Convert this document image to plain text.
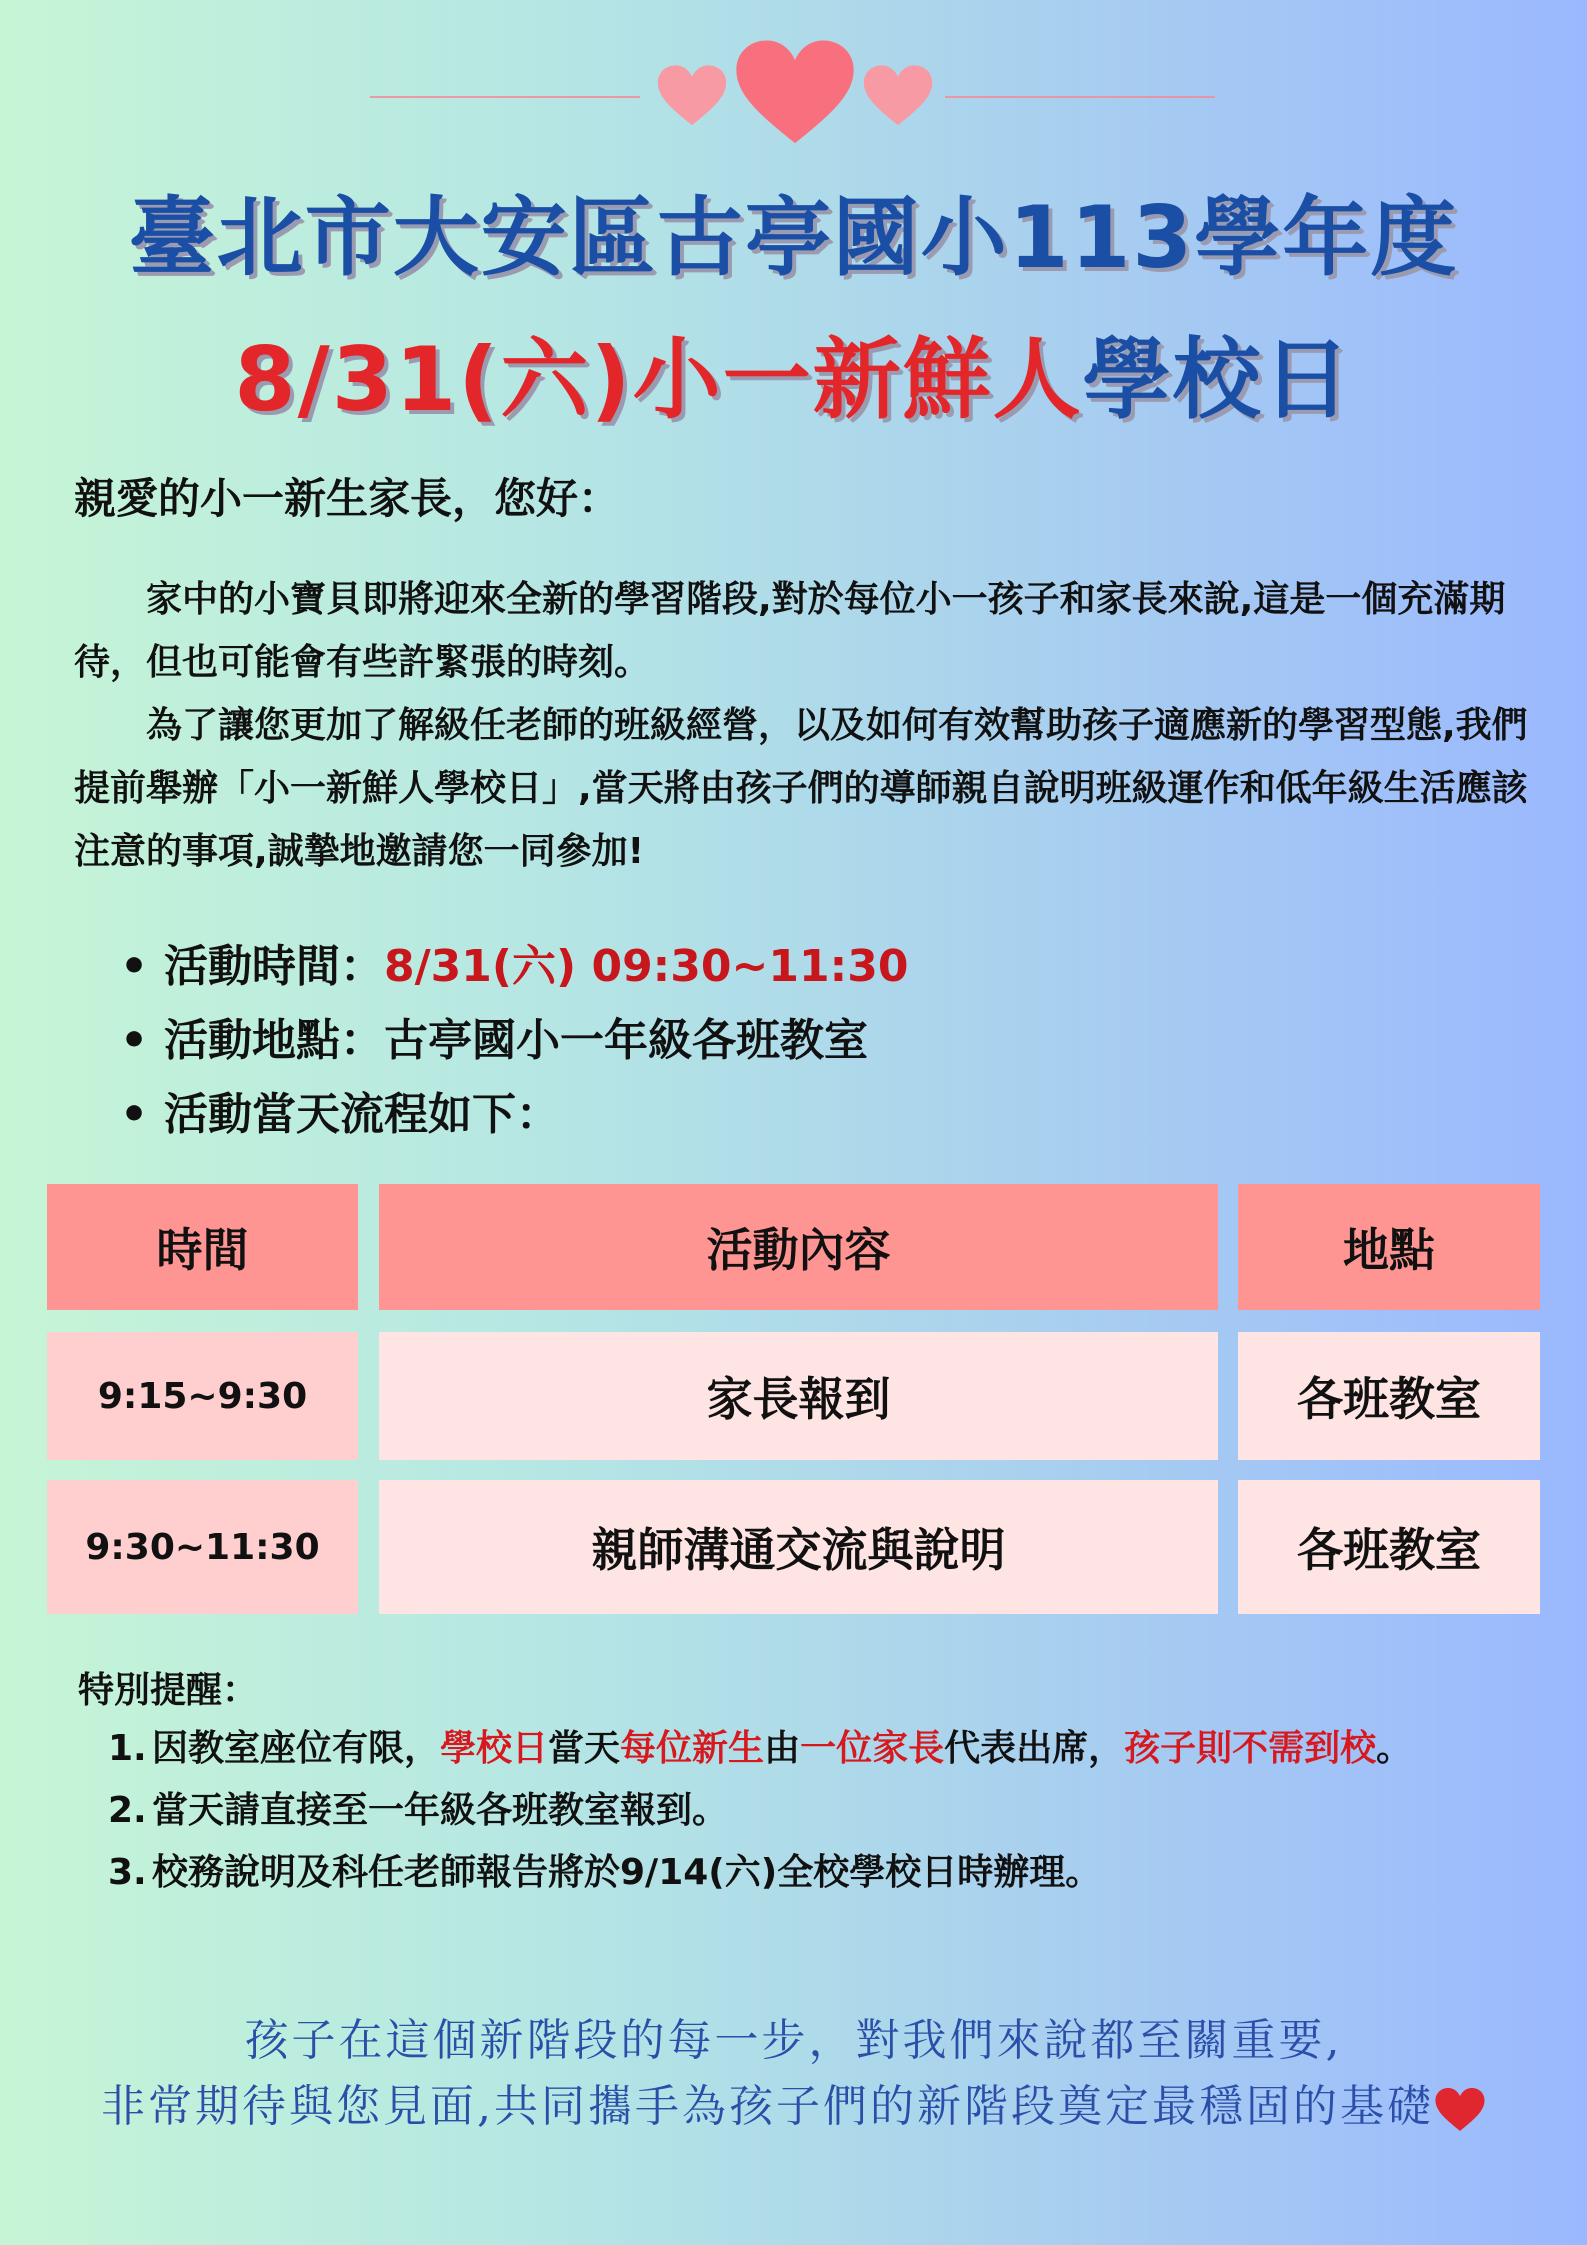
臺北市大安區古亭國小113學年度
8/31(六)小一新鮮人學校日
親愛的小一新生家長，您好：
家中的小寶貝即將迎來全新的學習階段,對於每位小一孩子和家長來說,這是一個充滿期待，但也可能會有些許緊張的時刻。
為了讓您更加了解級任老師的班級經營，以及如何有效幫助孩子適應新的學習型態,我們提前舉辦「小一新鮮人學校日」,當天將由孩子們的導師親自說明班級運作和低年級生活應該注意的事項,誠摯地邀請您一同參加!
• 活動時間：8/31(六) 09:30~11:30
• 活動地點：古亭國小一年級各班教室
• 活動當天流程如下：
時間	活動內容	地點
9:15~9:30	家長報到	各班教室
9:30~11:30	親師溝通交流與說明	各班教室
特別提醒：
1. 因教室座位有限，學校日當天每位新生由一位家長代表出席，孩子則不需到校。
2. 當天請直接至一年級各班教室報到。
3. 校務說明及科任老師報告將於9/14(六)全校學校日時辦理。
孩子在這個新階段的每一步，對我們來說都至關重要,
非常期待與您見面,共同攜手為孩子們的新階段奠定最穩固的基礎
